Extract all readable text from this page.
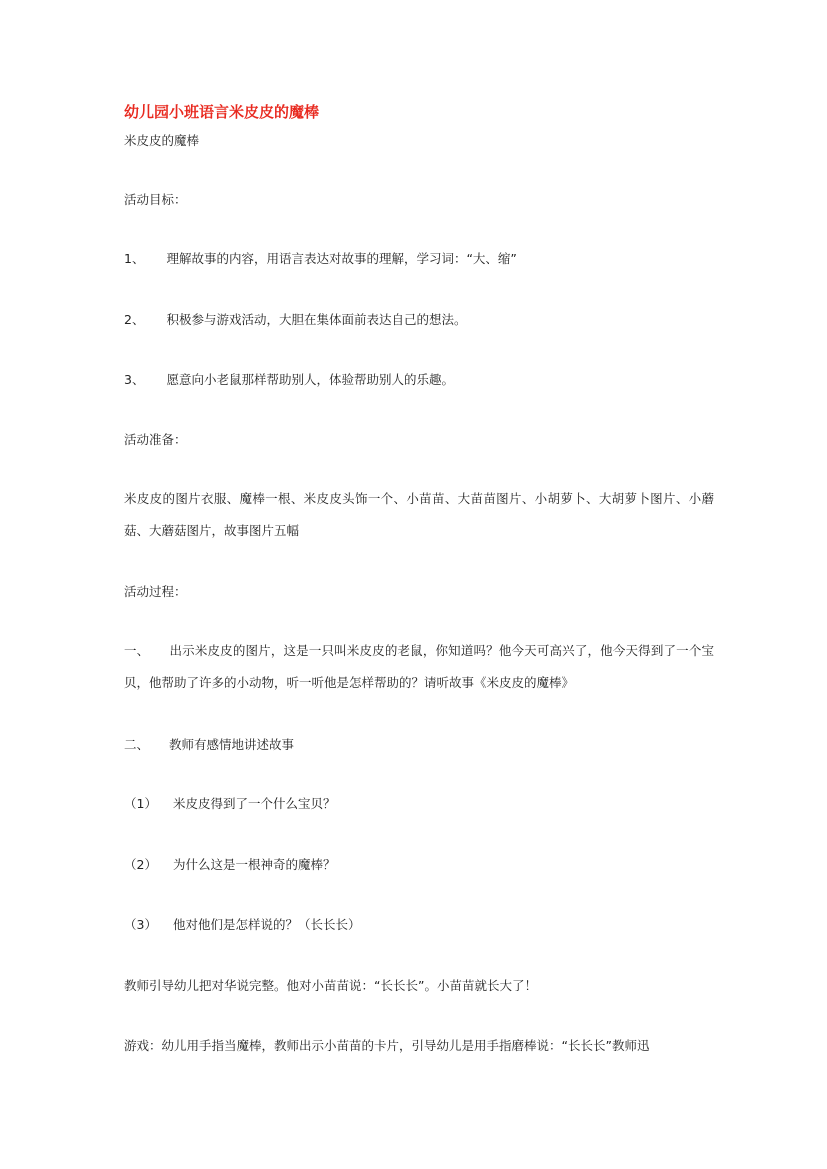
幼儿园小班语言米皮皮的魔棒
米皮皮的魔棒
活动目标：
1、 理解故事的内容，用语言表达对故事的理解，学习词：“大、缩”
2、 积极参与游戏活动，大胆在集体面前表达自己的想法。
3、 愿意向小老鼠那样帮助别人，体验帮助别人的乐趣。
活动准备：
米皮皮的图片衣服、魔棒一根、米皮皮头饰一个、小苗苗、大苗苗图片、小胡萝卜、大胡萝卜图片、小蘑菇、大蘑菇图片，故事图片五幅
活动过程：
一、 出示米皮皮的图片，这是一只叫米皮皮的老鼠，你知道吗？他今天可高兴了，他今天得到了一个宝贝，他帮助了许多的小动物，听一听他是怎样帮助的？请听故事《米皮皮的魔棒》
二、 教师有感情地讲述故事
（1） 米皮皮得到了一个什么宝贝？
（2） 为什么这是一根神奇的魔棒？
（3） 他对他们是怎样说的？（长长长）
教师引导幼儿把对华说完整。他对小苗苗说：“长长长”。小苗苗就长大了！
游戏：幼儿用手指当魔棒，教师出示小苗苗的卡片，引导幼儿是用手指磨棒说：“长长长”教师迅
